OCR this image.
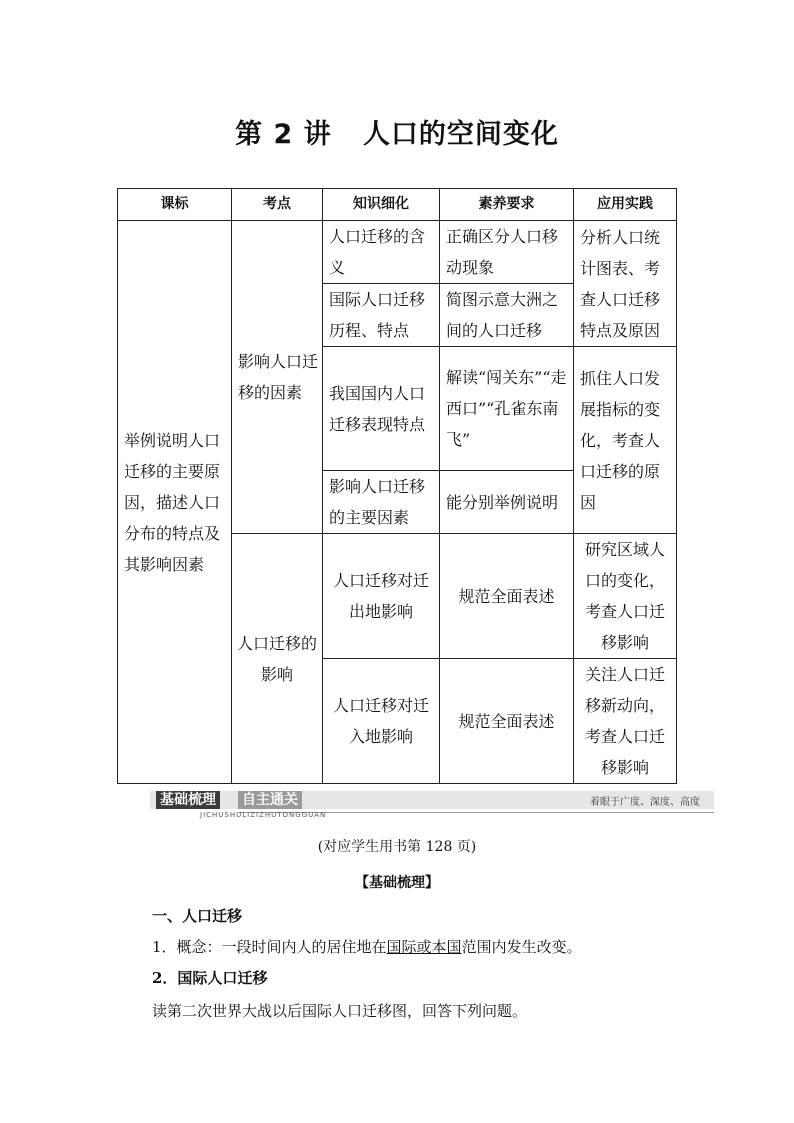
第 2 讲 人口的空间变化
课标	考点	知识细化	素养要求	应用实践
举例说明人口迁移的主要原因，描述人口分布的特点及其影响因素	影响人口迁移的因素	人口迁移的含义	正确区分人口移动现象	分析人口统计图表、考查人口迁移特点及原因
		国际人口迁移历程、特点	简图示意大洲之间的人口迁移	
		我国国内人口迁移表现特点	解读“闯关东”“走西口”“孔雀东南飞”	抓住人口发展指标的变化，考查人口迁移的原因
		影响人口迁移的主要因素	能分别举例说明	
	人口迁移的影响	人口迁移对迁出地影响	规范全面表述	研究区域人口的变化，考查人口迁移影响
		人口迁移对迁入地影响	规范全面表述	关注人口迁移新动向，考查人口迁移影响
基础梳理 自主通关
JICHUSHULIZIZHUTONGGUAN
着眼于广度、深度、高度
(对应学生用书第 128 页)
【基础梳理】
一、人口迁移
1．概念：一段时间内人的居住地在国际或本国范围内发生改变。
2．国际人口迁移
读第二次世界大战以后国际人口迁移图，回答下列问题。
